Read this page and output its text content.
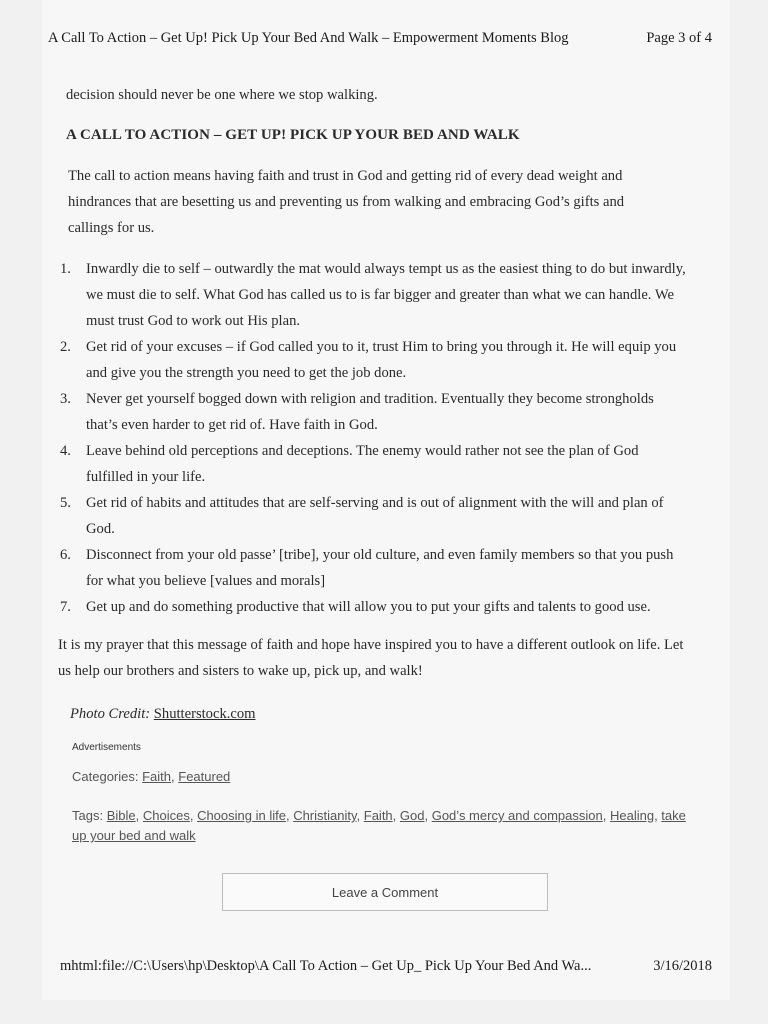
A Call To Action – Get Up! Pick Up Your Bed And Walk – Empowerment Moments Blog	Page 3 of 4

decision should never be one where we stop walking.

A CALL TO ACTION – GET UP! PICK UP YOUR BED AND WALK

The call to action means having faith and trust in God and getting rid of every dead weight and hindrances that are besetting us and preventing us from walking and embracing God’s gifts and callings for us.

1. Inwardly die to self – outwardly the mat would always tempt us as the easiest thing to do but inwardly, we must die to self. What God has called us to is far bigger and greater than what we can handle. We must trust God to work out His plan.
2. Get rid of your excuses – if God called you to it, trust Him to bring you through it. He will equip you and give you the strength you need to get the job done.
3. Never get yourself bogged down with religion and tradition. Eventually they become strongholds that’s even harder to get rid of. Have faith in God.
4. Leave behind old perceptions and deceptions. The enemy would rather not see the plan of God fulfilled in your life.
5. Get rid of habits and attitudes that are self-serving and is out of alignment with the will and plan of God.
6. Disconnect from your old passe’ [tribe], your old culture, and even family members so that you push for what you believe [values and morals]
7. Get up and do something productive that will allow you to put your gifts and talents to good use.

It is my prayer that this message of faith and hope have inspired you to have a different outlook on life. Let us help our brothers and sisters to wake up, pick up, and walk!

Photo Credit: Shutterstock.com

Advertisements
Categories: Faith, Featured
Tags: Bible, Choices, Choosing in life, Christianity, Faith, God, God’s mercy and compassion, Healing, take up your bed and walk
Leave a Comment
mhtml:file://C:\Users\hp\Desktop\A Call To Action – Get Up_ Pick Up Your Bed And Wa...	3/16/2018
